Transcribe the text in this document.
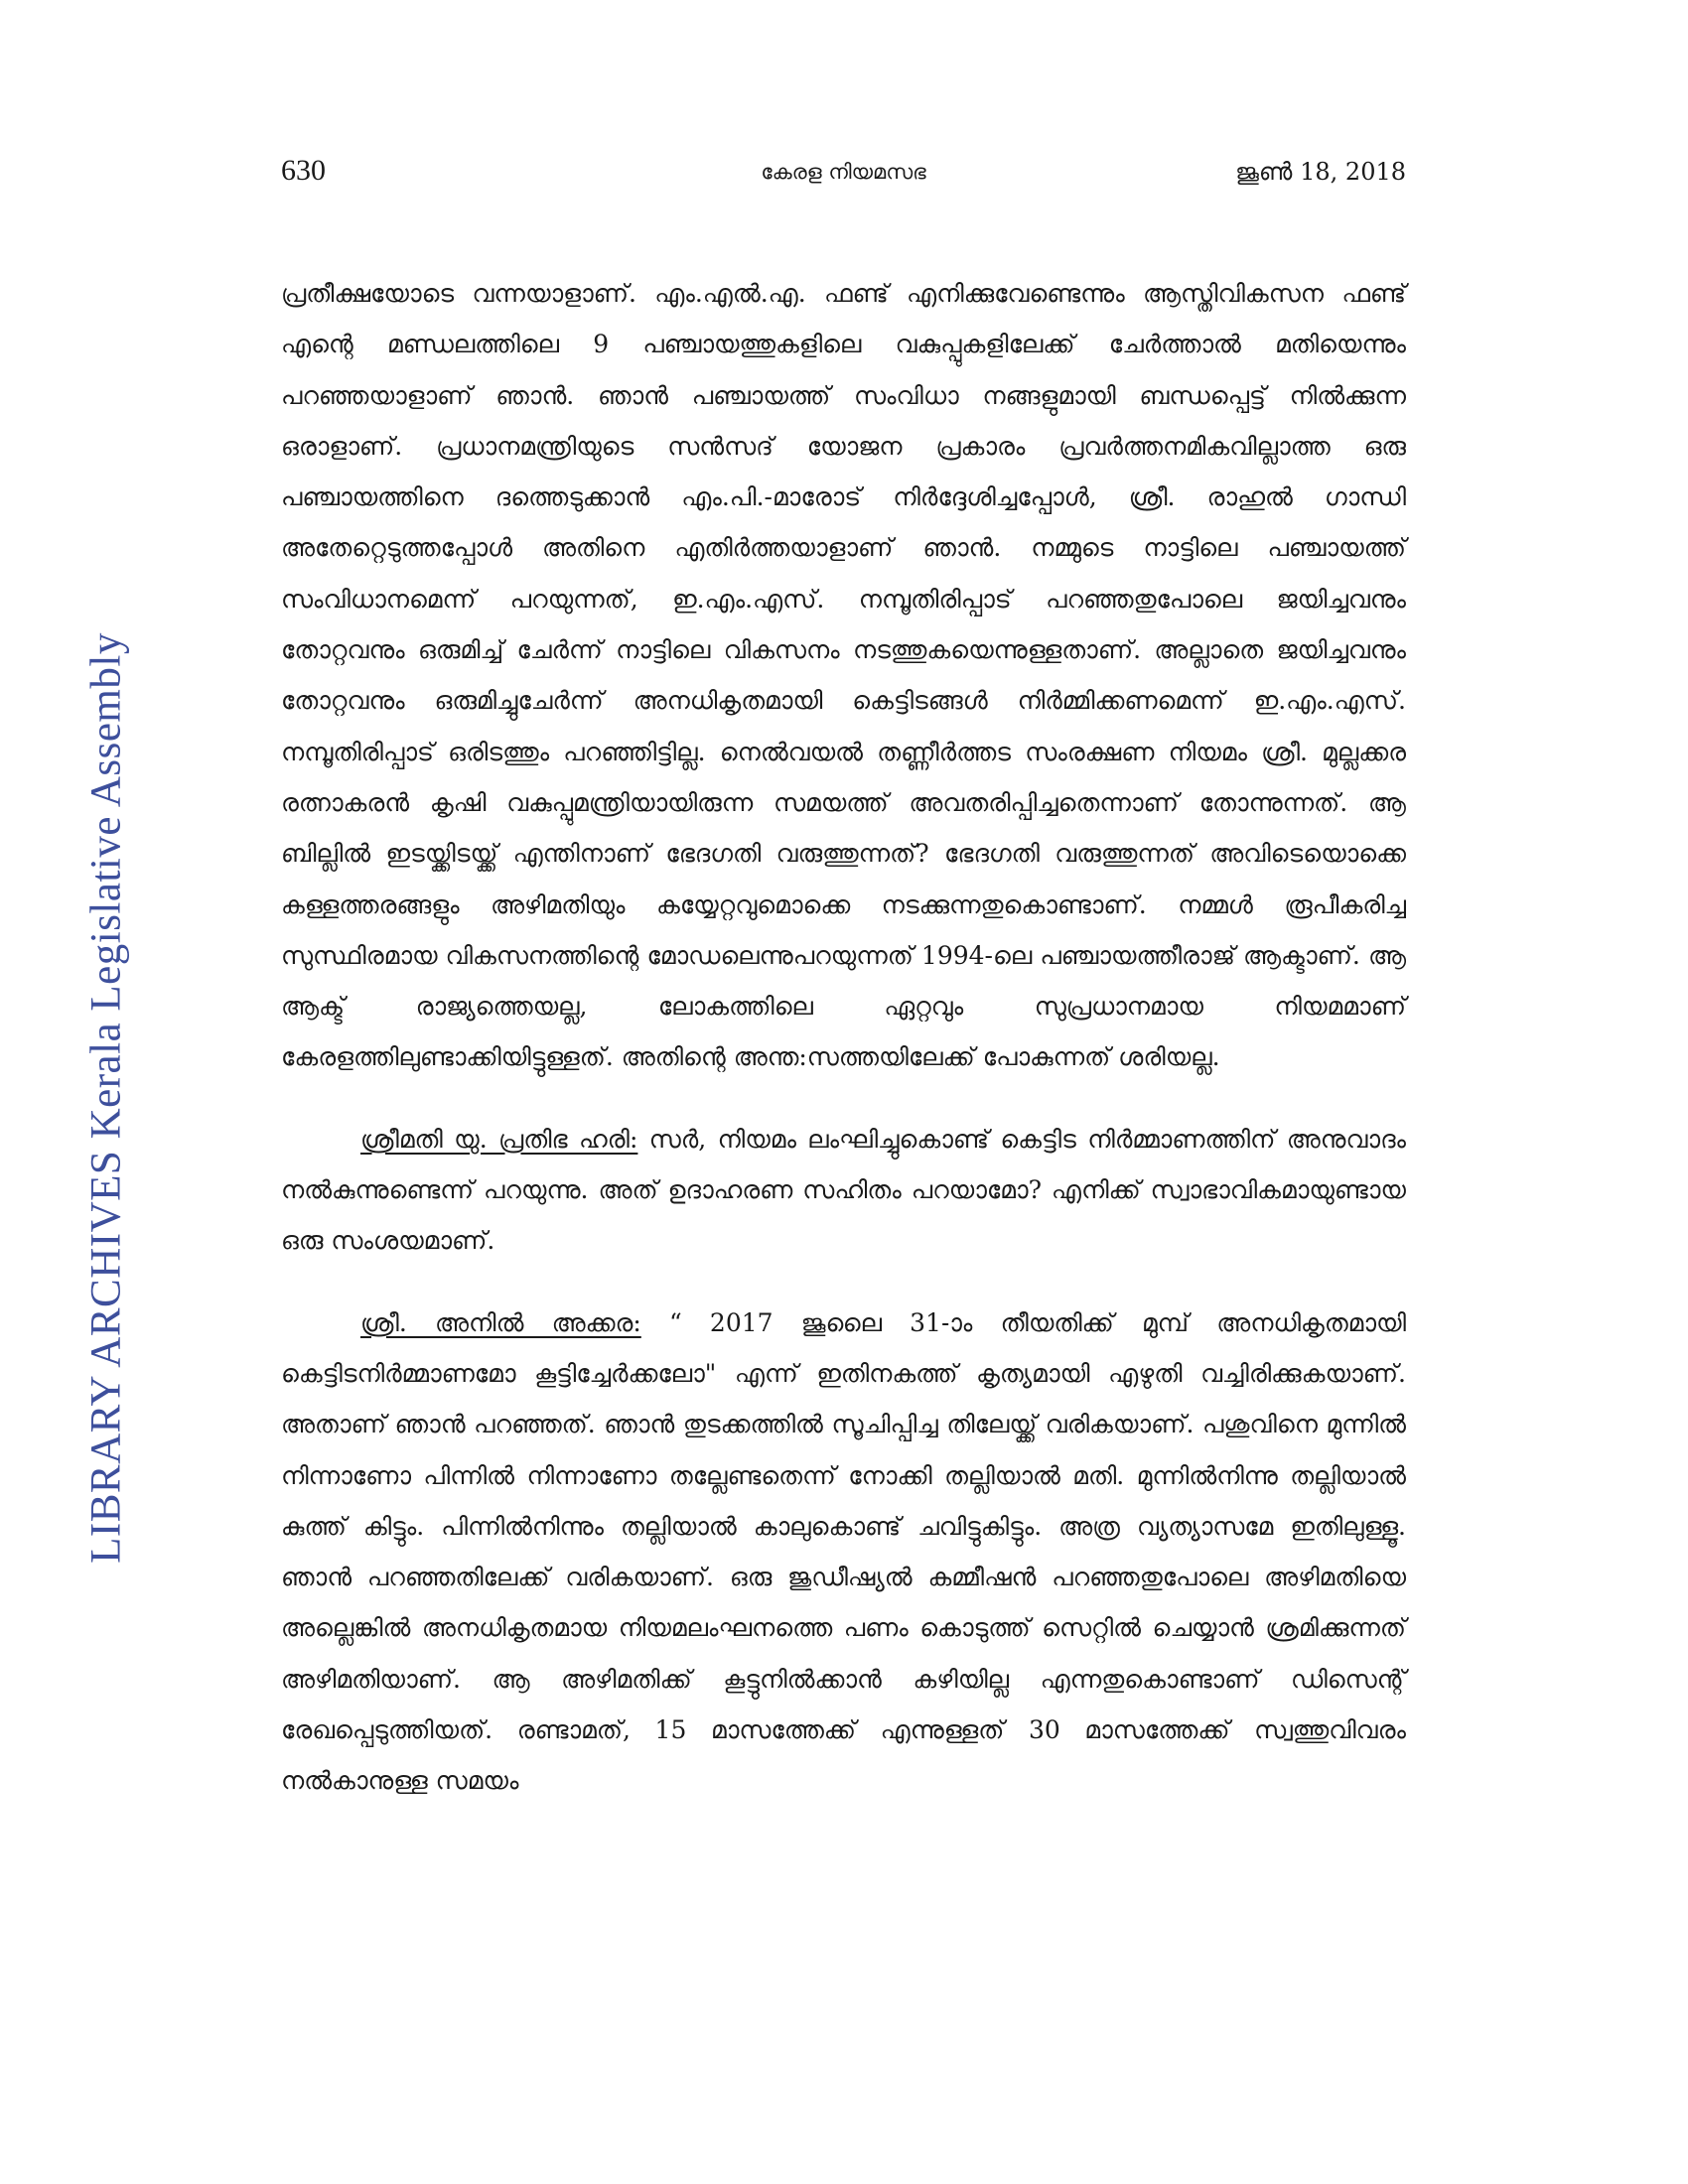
LIBRARY ARCHIVES Kerala Legislative Assembly
630	കേരള നിയമസഭ	ജൂൺ 18, 2018

പ്രതീക്ഷയോടെ വന്നയാളാണ്. എം.എൽ.എ. ഫണ്ട് എനിക്കുവേണ്ടെന്നും ആസ്തിവികസന ഫണ്ട് എന്റെ മണ്ഡലത്തിലെ 9 പഞ്ചായത്തുകളിലെ വകുപ്പുകളിലേക്ക് ചേർത്താൽ മതിയെന്നും പറഞ്ഞയാളാണ് ഞാൻ. ഞാൻ പഞ്ചായത്ത് സംവിധാ നങ്ങളുമായി ബന്ധപ്പെട്ട് നിൽക്കുന്ന ഒരാളാണ്. പ്രധാനമന്ത്രിയുടെ സൻസദ് യോജന പ്രകാരം പ്രവർത്തനമികവില്ലാത്ത ഒരു പഞ്ചായത്തിനെ ദത്തെടുക്കാൻ എം.പി.-മാരോട് നിർദ്ദേശിച്ചപ്പോൾ, ശ്രീ. രാഹുൽ ഗാന്ധി അതേറ്റെടുത്തപ്പോൾ അതിനെ എതിർത്തയാളാണ് ഞാൻ. നമ്മുടെ നാട്ടിലെ പഞ്ചായത്ത് സംവിധാനമെന്ന് പറയുന്നത്, ഇ.എം.എസ്. നമ്പൂതിരിപ്പാട് പറഞ്ഞതുപോലെ ജയിച്ചവനും തോറ്റവനും ഒരുമിച്ച് ചേർന്ന് നാട്ടിലെ വികസനം നടത്തുകയെന്നുള്ളതാണ്. അല്ലാതെ ജയിച്ചവനും തോറ്റവനും ഒരുമിച്ചുചേർന്ന് അനധികൃതമായി കെട്ടിടങ്ങൾ നിർമ്മിക്കണമെന്ന് ഇ.എം.എസ്. നമ്പൂതിരിപ്പാട് ഒരിടത്തും പറഞ്ഞിട്ടില്ല. നെൽവയൽ തണ്ണീർത്തട സംരക്ഷണ നിയമം ശ്രീ. മുല്ലക്കര രത്നാകരൻ കൃഷി വകുപ്പുമന്ത്രിയായിരുന്ന സമയത്ത് അവതരിപ്പിച്ചതെന്നാണ് തോന്നുന്നത്. ആ ബില്ലിൽ ഇടയ്ക്കിടയ്ക്ക് എന്തിനാണ് ഭേദഗതി വരുത്തുന്നത്? ഭേദഗതി വരുത്തുന്നത് അവിടെയൊക്കെ കള്ളത്തരങ്ങളും അഴിമതിയും കയ്യേറ്റവുമൊക്കെ നടക്കുന്നതുകൊണ്ടാണ്. നമ്മൾ രൂപീകരിച്ച സുസ്ഥിരമായ വികസനത്തിന്റെ മോഡലെന്നുപറയുന്നത് 1994-ലെ പഞ്ചായത്തീരാജ് ആക്ടാണ്. ആ ആക്ട് രാജ്യത്തെയല്ല, ലോകത്തിലെ ഏറ്റവും സുപ്രധാനമായ നിയമമാണ് കേരളത്തിലുണ്ടാക്കിയിട്ടുള്ളത്. അതിന്റെ അന്ത:സത്തയിലേക്ക് പോകുന്നത് ശരിയല്ല.

ശ്രീമതി യു. പ്രതിഭ ഹരി: സർ, നിയമം ലംഘിച്ചുകൊണ്ട് കെട്ടിട നിർമ്മാണത്തിന് അനുവാദം നൽകുന്നുണ്ടെന്ന് പറയുന്നു. അത് ഉദാഹരണ സഹിതം പറയാമോ? എനിക്ക് സ്വാഭാവികമായുണ്ടായ ഒരു സംശയമാണ്.

ശ്രീ. അനിൽ അക്കര: “ 2017 ജൂലൈ 31-ാം തീയതിക്ക് മുമ്പ് അനധികൃതമായി കെട്ടിടനിർമ്മാണമോ കൂട്ടിച്ചേർക്കലോ" എന്ന് ഇതിനകത്ത് കൃത്യമായി എഴുതി വച്ചിരിക്കുകയാണ്. അതാണ് ഞാൻ പറഞ്ഞത്. ഞാൻ തുടക്കത്തിൽ സൂചിപ്പിച്ച തിലേയ്ക്ക് വരികയാണ്. പശുവിനെ മുന്നിൽ നിന്നാണോ പിന്നിൽ നിന്നാണോ തല്ലേണ്ടതെന്ന് നോക്കി തല്ലിയാൽ മതി. മുന്നിൽനിന്നു തല്ലിയാൽ കുത്ത് കിട്ടും. പിന്നിൽനിന്നും തല്ലിയാൽ കാലുകൊണ്ട് ചവിട്ടുകിട്ടും. അത്ര വ്യത്യാസമേ ഇതിലുള്ളൂ. ഞാൻ പറഞ്ഞതിലേക്ക് വരികയാണ്. ഒരു ജുഡീഷ്യൽ കമ്മീഷൻ പറഞ്ഞതുപോലെ അഴിമതിയെ അല്ലെങ്കിൽ അനധികൃതമായ നിയമലംഘനത്തെ പണം കൊടുത്ത് സെറ്റിൽ ചെയ്യാൻ ശ്രമിക്കുന്നത് അഴിമതിയാണ്. ആ അഴിമതിക്ക് കൂട്ടുനിൽക്കാൻ കഴിയില്ല എന്നതുകൊണ്ടാണ് ഡിസെന്റ് രേഖപ്പെടുത്തിയത്. രണ്ടാമത്, 15 മാസത്തേക്ക് എന്നുള്ളത് 30 മാസത്തേക്ക് സ്വത്തുവിവരം നൽകാനുള്ള സമയം
